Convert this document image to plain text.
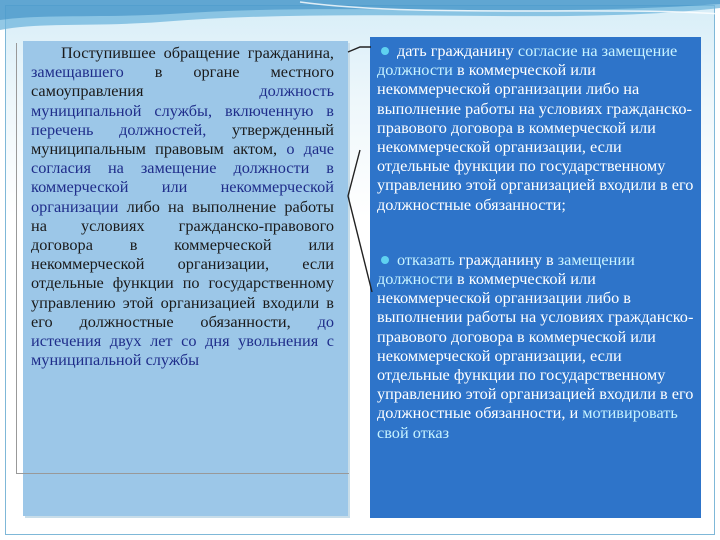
Поступившее обращение гражданина, замещавшего в органе местного самоуправления должность муниципальной службы, включенную в перечень должностей, утвержденный муниципальным правовым актом, о даче согласия на замещение должности в коммерческой или некоммерческой организации либо на выполнение работы на условиях гражданско-правового договора в коммерческой или некоммерческой организации, если отдельные функции по государственному управлению этой организацией входили в его должностные обязанности, до истечения двух лет со дня увольнения с муниципальной службы

дать гражданину согласие на замещение должности в коммерческой или некоммерческой организации либо на выполнение работы на условиях гражданско-правового договора в коммерческой или некоммерческой организации, если отдельные функции по государственному управлению этой организацией входили в его должностные обязанности;

отказать гражданину в замещении должности в коммерческой или некоммерческой организации либо в выполнении работы на условиях гражданско-правового договора в коммерческой или некоммерческой организации, если отдельные функции по государственному управлению этой организацией входили в его должностные обязанности, и мотивировать свой отказ
